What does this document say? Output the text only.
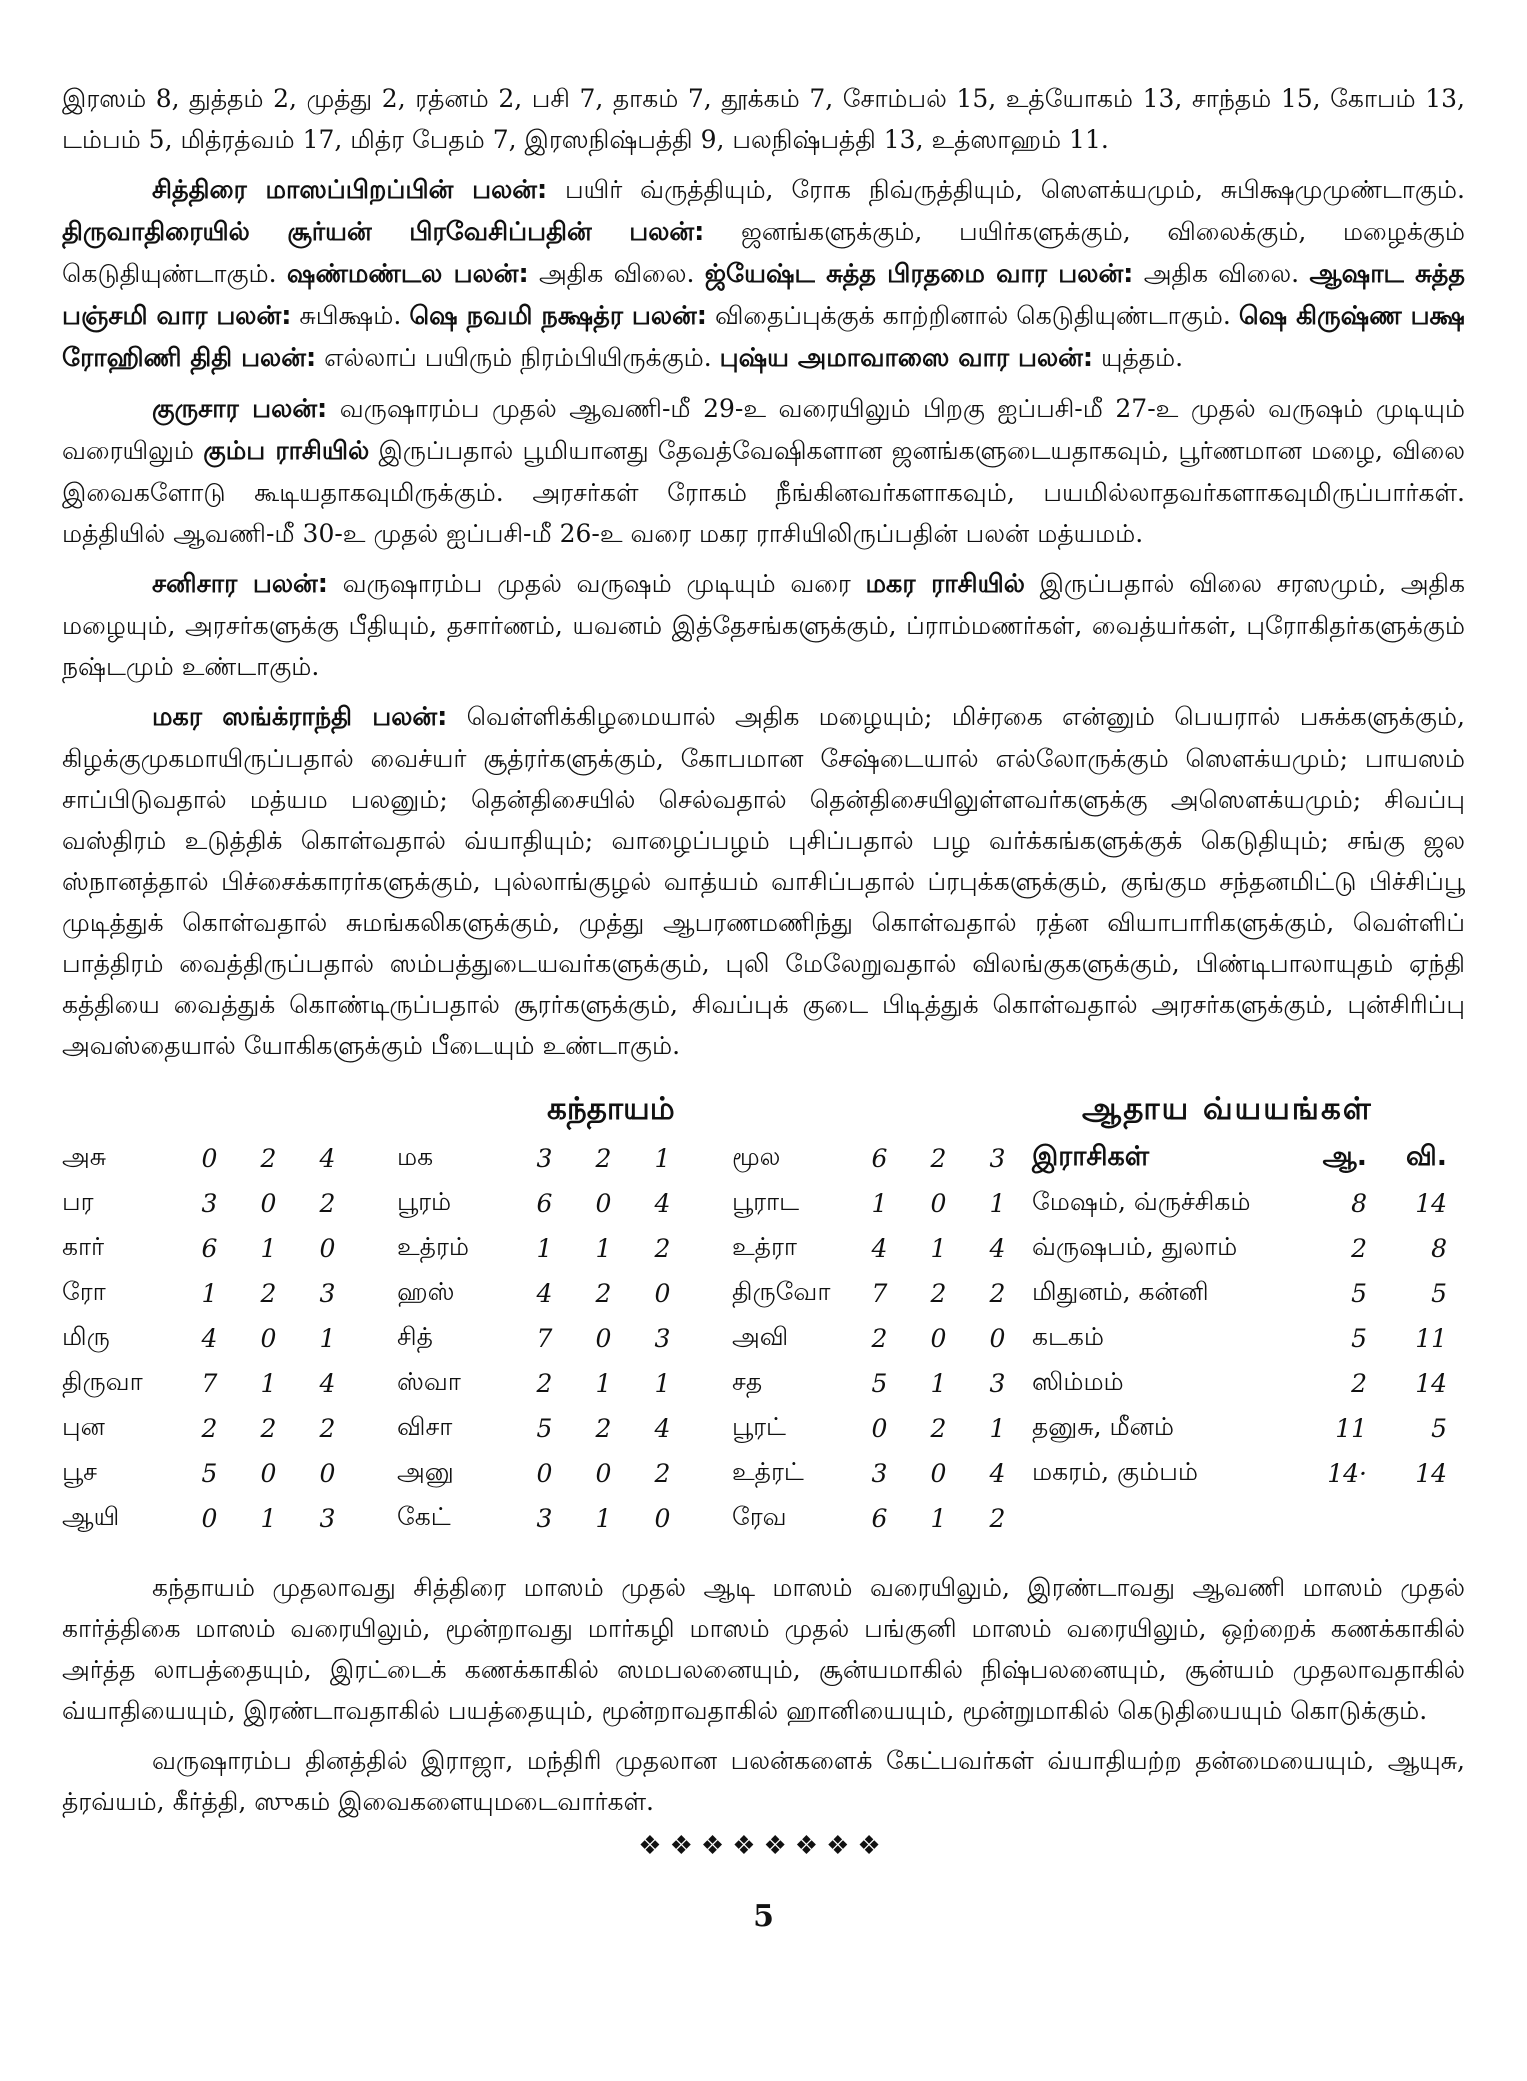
இரஸம் 8, துத்தம் 2, முத்து 2, ரத்னம் 2, பசி 7, தாகம் 7, தூக்கம் 7, சோம்பல் 15, உத்யோகம் 13, சாந்தம் 15, கோபம் 13, டம்பம் 5, மித்ரத்வம் 17, மித்ர பேதம் 7, இரஸநிஷ்பத்தி 9, பலநிஷ்பத்தி 13, உத்ஸாஹம் 11.

சித்திரை மாஸப்பிறப்பின் பலன்: பயிர் வ்ருத்தியும், ரோக நிவ்ருத்தியும், ஸௌக்யமும், சுபிக்ஷமுமுண்டாகும். திருவாதிரையில் சூர்யன் பிரவேசிப்பதின் பலன்: ஜனங்களுக்கும், பயிர்களுக்கும், விலைக்கும், மழைக்கும் கெடுதியுண்டாகும். ஷண்மண்டல பலன்: அதிக விலை. ஜ்யேஷ்ட சுத்த பிரதமை வார பலன்: அதிக விலை. ஆஷாட சுத்த பஞ்சமி வார பலன்: சுபிக்ஷம். ஷெ நவமி நக்ஷத்ர பலன்: விதைப்புக்குக் காற்றினால் கெடுதியுண்டாகும். ஷெ கிருஷ்ண பக்ஷ ரோஹிணி திதி பலன்: எல்லாப் பயிரும் நிரம்பியிருக்கும். புஷ்ய அமாவாஸை வார பலன்: யுத்தம்.

குருசார பலன்: வருஷாரம்ப முதல் ஆவணி-மீ 29-உ வரையிலும் பிறகு ஐப்பசி-மீ 27-உ முதல் வருஷம் முடியும் வரையிலும் கும்ப ராசியில் இருப்பதால் பூமியானது தேவத்வேஷிகளான ஜனங்களுடையதாகவும், பூர்ணமான மழை, விலை இவைகளோடு கூடியதாகவுமிருக்கும். அரசர்கள் ரோகம் நீங்கினவர்களாகவும், பயமில்லாதவர்களாகவுமிருப்பார்கள். மத்தியில் ஆவணி-மீ 30-உ முதல் ஐப்பசி-மீ 26-உ வரை மகர ராசியிலிருப்பதின் பலன் மத்யமம்.

சனிசார பலன்: வருஷாரம்ப முதல் வருஷம் முடியும் வரை மகர ராசியில் இருப்பதால் விலை சரஸமும், அதிக மழையும், அரசர்களுக்கு பீதியும், தசார்ணம், யவனம் இத்தேசங்களுக்கும், ப்ராம்மணர்கள், வைத்யர்கள், புரோகிதர்களுக்கும் நஷ்டமும் உண்டாகும்.

மகர ஸங்க்ராந்தி பலன்: வெள்ளிக்கிழமையால் அதிக மழையும்; மிச்ரகை என்னும் பெயரால் பசுக்களுக்கும், கிழக்குமுகமாயிருப்பதால் வைச்யர் சூத்ரர்களுக்கும், கோபமான சேஷ்டையால் எல்லோருக்கும் ஸௌக்யமும்; பாயஸம் சாப்பிடுவதால் மத்யம பலனும்; தென்திசையில் செல்வதால் தென்திசையிலுள்ளவர்களுக்கு அஸௌக்யமும்; சிவப்பு வஸ்திரம் உடுத்திக் கொள்வதால் வ்யாதியும்; வாழைப்பழம் புசிப்பதால் பழ வர்க்கங்களுக்குக் கெடுதியும்; சங்கு ஜல ஸ்நானத்தால் பிச்சைக்காரர்களுக்கும், புல்லாங்குழல் வாத்யம் வாசிப்பதால் ப்ரபுக்களுக்கும், குங்கும சந்தனமிட்டு பிச்சிப்பூ முடித்துக் கொள்வதால் சுமங்கலிகளுக்கும், முத்து ஆபரணமணிந்து கொள்வதால் ரத்ன வியாபாரிகளுக்கும், வெள்ளிப் பாத்திரம் வைத்திருப்பதால் ஸம்பத்துடையவர்களுக்கும், புலி மேலேறுவதால் விலங்குகளுக்கும், பிண்டிபாலாயுதம் ஏந்தி கத்தியை வைத்துக் கொண்டிருப்பதால் சூரர்களுக்கும், சிவப்புக் குடை பிடித்துக் கொள்வதால் அரசர்களுக்கும், புன்சிரிப்பு அவஸ்தையால் யோகிகளுக்கும் பீடையும் உண்டாகும்.

கந்தாயம்
அசு	0	2	4	மக	3	2	1	மூல	6	2	3
பர	3	0	2	பூரம்	6	0	4	பூராட	1	0	1
கார்	6	1	0	உத்ரம்	1	1	2	உத்ரா	4	1	4
ரோ	1	2	3	ஹஸ்	4	2	0	திருவோ	7	2	2
மிரு	4	0	1	சித்	7	0	3	அவி	2	0	0
திருவா	7	1	4	ஸ்வா	2	1	1	சத	5	1	3
புன	2	2	2	விசா	5	2	4	பூரட்	0	2	1
பூச	5	0	0	அனு	0	0	2	உத்ரட்	3	0	4
ஆயி	0	1	3	கேட்	3	1	0	ரேவ	6	1	2
ஆதாய வ்யயங்கள்
இராசிகள்	ஆ.	வி.
மேஷம், வ்ருச்சிகம்	8	14
வ்ருஷபம், துலாம்	2	8
மிதுனம், கன்னி	5	5
கடகம்	5	11
ஸிம்மம்	2	14
தனுசு, மீனம்	11	5
மகரம், கும்பம்	14·	14

கந்தாயம் முதலாவது சித்திரை மாஸம் முதல் ஆடி மாஸம் வரையிலும், இரண்டாவது ஆவணி மாஸம் முதல் கார்த்திகை மாஸம் வரையிலும், மூன்றாவது மார்கழி மாஸம் முதல் பங்குனி மாஸம் வரையிலும், ஒற்றைக் கணக்காகில் அர்த்த லாபத்தையும், இரட்டைக் கணக்காகில் ஸமபலனையும், சூன்யமாகில் நிஷ்பலனையும், சூன்யம் முதலாவதாகில் வ்யாதியையும், இரண்டாவதாகில் பயத்தையும், மூன்றாவதாகில் ஹானியையும், மூன்றுமாகில் கெடுதியையும் கொடுக்கும்.

வருஷாரம்ப தினத்தில் இராஜா, மந்திரி முதலான பலன்களைக் கேட்பவர்கள் வ்யாதியற்ற தன்மையையும், ஆயுசு, த்ரவ்யம், கீர்த்தி, ஸுகம் இவைகளையுமடைவார்கள்.

❖❖❖❖❖❖❖❖
5
